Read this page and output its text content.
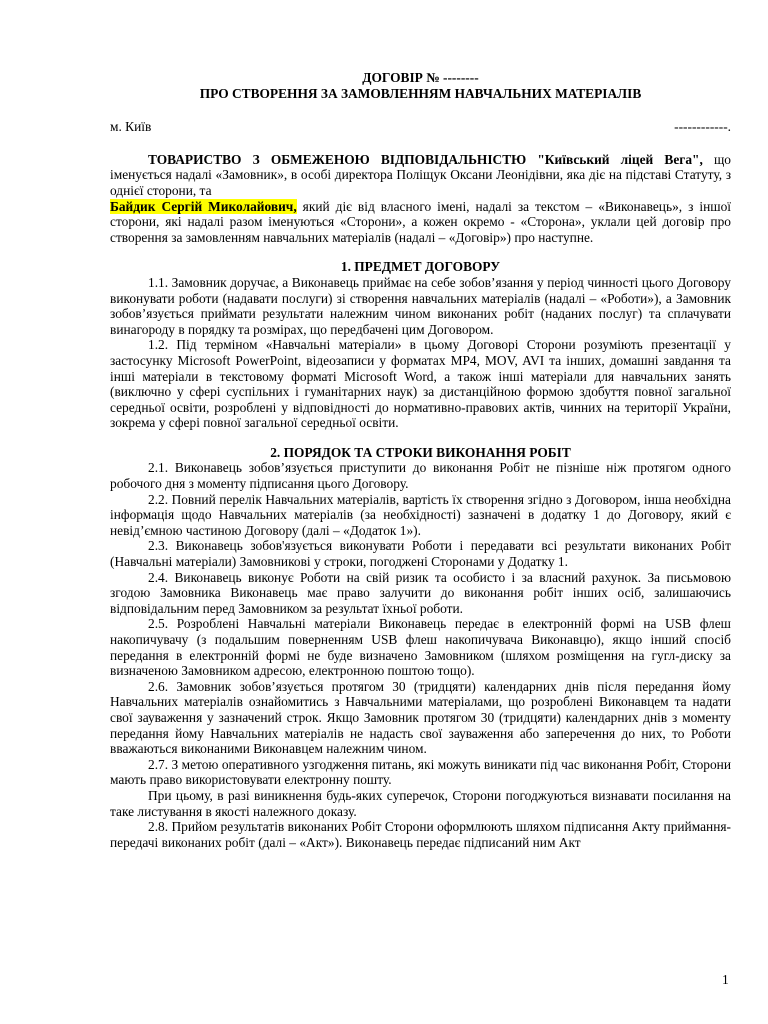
ДОГОВІР № --------

ПРО СТВОРЕННЯ ЗА ЗАМОВЛЕННЯМ НАВЧАЛЬНИХ МАТЕРІАЛІВ

м. Київ	------------.

ТОВАРИСТВО З ОБМЕЖЕНОЮ ВІДПОВІДАЛЬНІСТЮ "Київський ліцей Вега", що іменується надалі «Замовник», в особі директора Поліщук Оксани Леонідівни, яка діє на підставі Статуту, з однієї сторони, та

Байдик Сергій Миколайович, який діє від власного імені, надалі за текстом – «Виконавець», з іншої сторони, які надалі разом іменуються «Сторони», а кожен окремо - «Сторона», уклали цей договір про створення за замовленням навчальних матеріалів (надалі – «Договір») про наступне.

1. ПРЕДМЕТ ДОГОВОРУ

1.1. Замовник доручає, а Виконавець приймає на себе зобов’язання у період чинності цього Договору виконувати роботи (надавати послуги) зі створення навчальних матеріалів (надалі – «Роботи»), а Замовник зобов’язується приймати результати належним чином виконаних робіт (наданих послуг) та сплачувати винагороду в порядку та розмірах, що передбачені цим Договором.

1.2. Під терміном «Навчальні матеріали» в цьому Договорі Сторони розуміють презентації у застосунку Microsoft PowerPoint, відеозаписи у форматах MP4, MOV, AVI та інших, домашні завдання та інші матеріали в текстовому форматі Microsoft Word, а також інші матеріали для навчальних занять (виключно у сфері суспільних і гуманітарних наук) за дистанційною формою здобуття повної загальної середньої освіти, розроблені у відповідності до нормативно-правових актів, чинних на території України, зокрема у сфері повної загальної середньої освіти.

2. ПОРЯДОК ТА СТРОКИ ВИКОНАННЯ РОБІТ

2.1. Виконавець зобов’язується приступити до виконання Робіт не пізніше ніж протягом одного робочого дня з моменту підписання цього Договору.

2.2. Повний перелік Навчальних матеріалів, вартість їх створення згідно з Договором, інша необхідна інформація щодо Навчальних матеріалів (за необхідності) зазначені в додатку 1 до Договору, який є невід’ємною частиною Договору (далі – «Додаток 1»).

2.3. Виконавець зобов'язується виконувати Роботи і передавати всі результати виконаних Робіт (Навчальні матеріали) Замовникові у строки, погоджені Сторонами у Додатку 1.

2.4. Виконавець виконує Роботи на свій ризик та особисто і за власний рахунок. За письмовою згодою Замовника Виконавець має право залучити до виконання робіт інших осіб, залишаючись відповідальним перед Замовником за результат їхньої роботи.

2.5. Розроблені Навчальні матеріали Виконавець передає в електронній формі на USB флеш накопичувачу (з подальшим поверненням USB флеш накопичувача Виконавцю), якщо інший спосіб передання в електронній формі не буде визначено Замовником (шляхом розміщення на гугл-диску за визначеною Замовником адресою, електронною поштою тощо).

2.6. Замовник зобов’язується протягом 30 (тридцяти) календарних днів після передання йому Навчальних матеріалів ознайомитись з Навчальними матеріалами, що розроблені Виконавцем та надати свої зауваження у зазначений строк. Якщо Замовник протягом 30 (тридцяти) календарних днів з моменту передання йому Навчальних матеріалів не надасть свої зауваження або заперечення до них, то Роботи вважаються виконаними Виконавцем належним чином.

2.7. З метою оперативного узгодження питань, які можуть виникати під час виконання Робіт, Сторони мають право використовувати електронну пошту.

При цьому, в разі виникнення будь-яких суперечок, Сторони погоджуються визнавати посилання на таке листування в якості належного доказу.

2.8. Прийом результатів виконаних Робіт Сторони оформлюють шляхом підписання Акту приймання-передачі виконаних робіт (далі – «Акт»). Виконавець передає підписаний ним Акт

1
